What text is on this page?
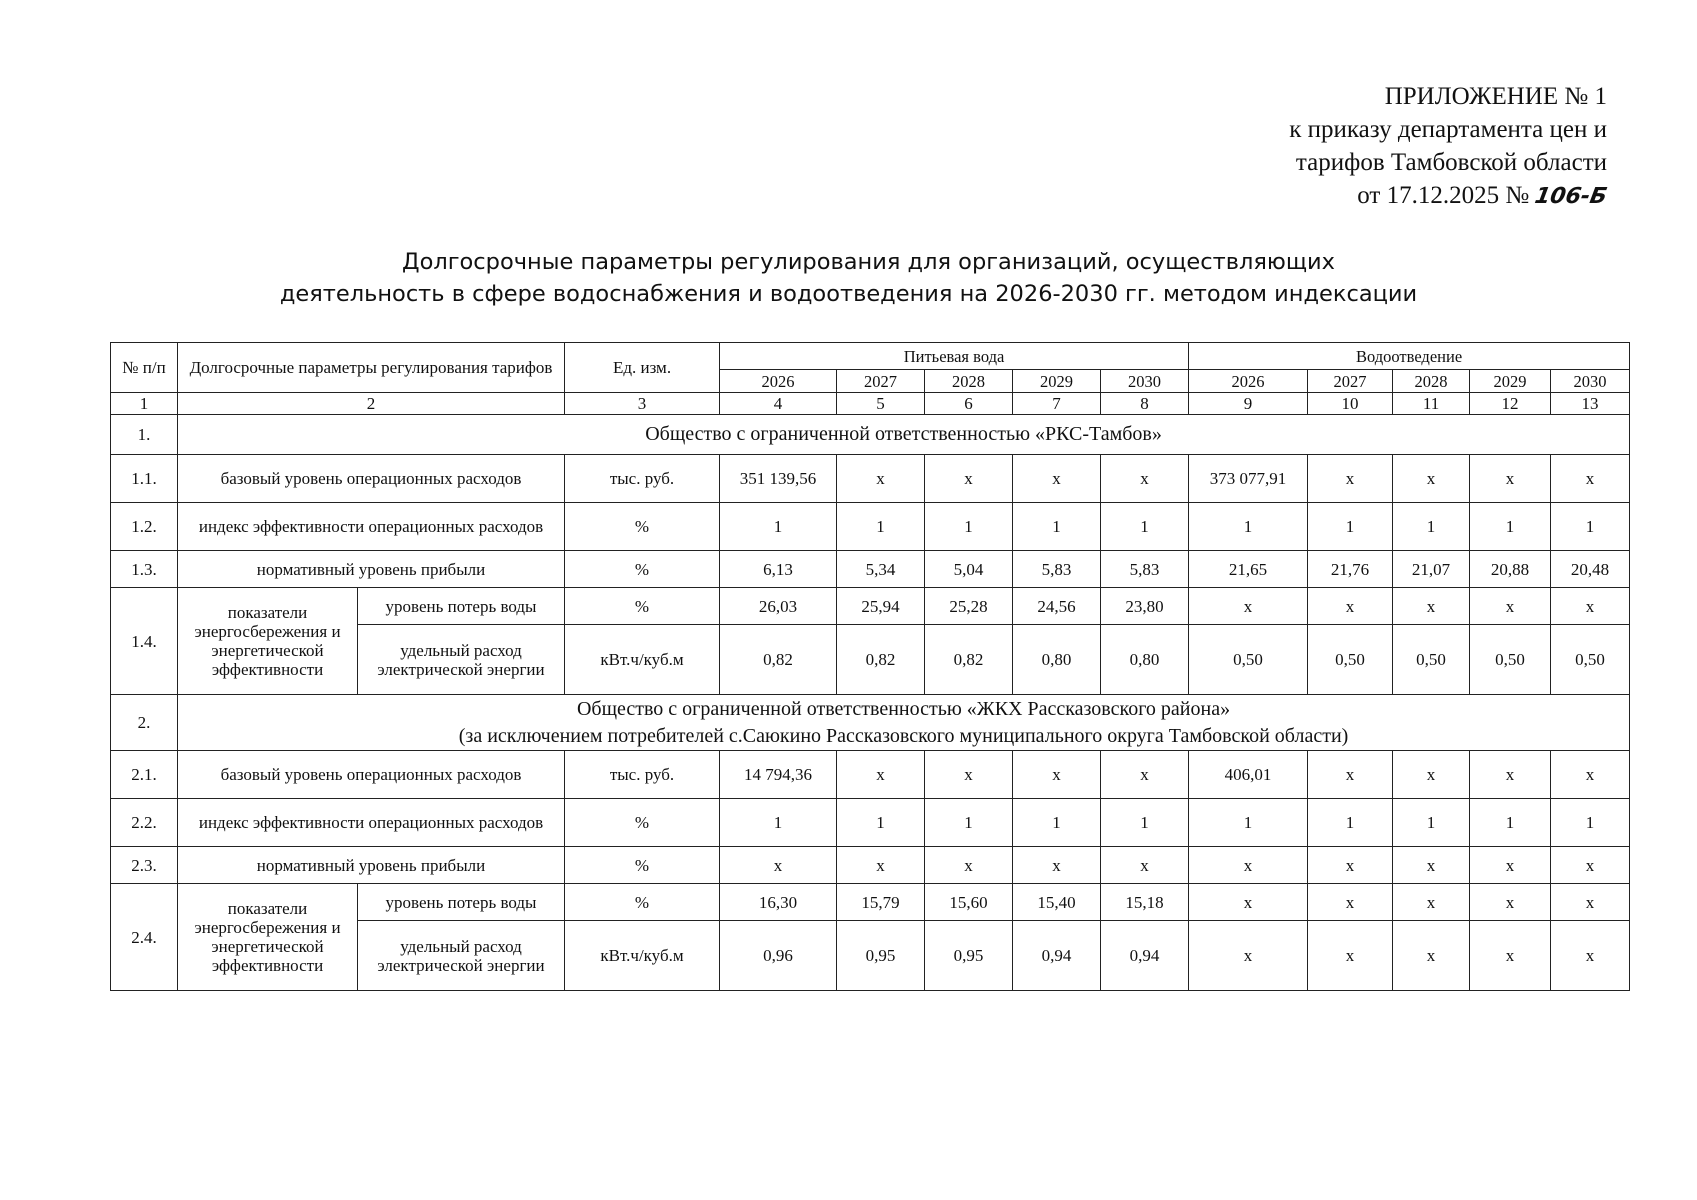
ПРИЛОЖЕНИЕ № 1
к приказу департамента цен и
тарифов Тамбовской области
от 17.12.2025 № 106-Б
Долгосрочные параметры регулирования для организаций, осуществляющих
деятельность в сфере водоснабжения и водоотведения на 2026-2030 гг. методом индексации
№ п/п	Долгосрочные параметры регулирования тарифов		Ед. изм.	Питьевая вода					Водоотведение				
				2026	2027	2028	2029	2030	2026	2027	2028	2029	2030
1	2		3	4	5	6	7	8	9	10	11	12	13
1.	Общество с ограниченной ответственностью «РКС-Тамбов»												

1.1.	базовый уровень операционных расходов		тыс. руб.	351 139,56	х	х	х	х	373 077,91	х	х	х	х
1.2.	индекс эффективности операционных расходов		%	1	1	1	1	1	1	1	1	1	1
1.3.	нормативный уровень прибыли		%	6,13	5,34	5,04	5,83	5,83	21,65	21,76	21,07	20,88	20,48
1.4.	показатели энергосбережения и энергетической эффективности	уровень потерь воды	%	26,03	25,94	25,28	24,56	23,80	х	х	х	х	х
		удельный расход электрической энергии	кВт.ч/куб.м	0,82	0,82	0,82	0,80	0,80	0,50	0,50	0,50	0,50	0,50
2.	Общество с ограниченной ответственностью «ЖКХ Рассказовского района»
(за исключением потребителей с.Саюкино Рассказовского муниципального округа Тамбовской области)												

2.1.	базовый уровень операционных расходов		тыс. руб.	14 794,36	х	х	х	х	406,01	х	х	х	х
2.2.	индекс эффективности операционных расходов		%	1	1	1	1	1	1	1	1	1	1
2.3.	нормативный уровень прибыли		%	х	х	х	х	х	х	х	х	х	х
2.4.	показатели энергосбережения и энергетической эффективности	уровень потерь воды	%	16,30	15,79	15,60	15,40	15,18	х	х	х	х	х
		удельный расход электрической энергии	кВт.ч/куб.м	0,96	0,95	0,95	0,94	0,94	х	х	х	х	х
